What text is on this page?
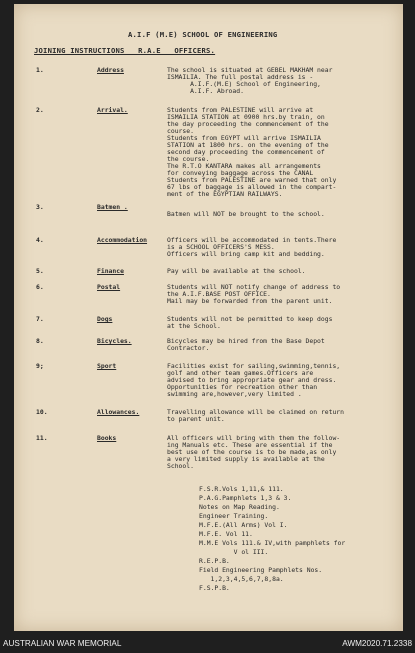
A.I.F (M.E) SCHOOL OF ENGINEERING
JOINING INSTRUCTIONS   R.A.E   OFFICERS.
1.	Address	The school is situated at GEBEL MAKHAM near
ISMAILIA. The full postal address is -
A.I.F.(M.E) School of Engineering,
A.I.F. Abroad.
2.	Arrival.	Students from PALESTINE will arrive at
ISMAILIA STATION at 0900 hrs.by train, on
the day proceeding the commencement of the
course.
Students from EGYPT will arrive ISMAILIA
STATION at 1800 hrs. on the evening of the
second day proceeding the commencement of
the course.
The R.T.O KANTARA makes all arrangements
for conveying baggage across the CANAL
Students from PALESTINE are warned that only
67 lbs of baggage is allowed in the compart-
ment of the EGYPTIAN RAILWAYS.
3.	Batmen .
Batmen will NOT be brought to the school.
4.	Accommodation	Officers will be accommodated in tents.There
is a SCHOOL OFFICERS'S MESS.
Officers will bring camp kit and bedding.
5.	Finance	Pay will be available at the school.
6.	Postal	Students will NOT notify change of address to
the A.I.F.BASE POST OFFICE.
Mail may be forwarded from the parent unit.
7.	Dogs	Students will not be permitted to keep dogs
at the School.
8.	Bicycles.	Bicycles may be hired from the Base Depot
Contractor.
9;	Sport	Facilities exist for sailing,swimming,tennis,
golf and other team games.Officers are
advised to bring appropriate gear and dress.
Opportunities for recreation other than
swimming are,however,very limited .
10.	Allowances.	Travelling allowance will be claimed on return
to parent unit.
11.	Books	All officers will bring with them the follow-
ing Manuals etc. These are essential if the
best use of the course is to be made,as only
a very limited supply is available at the
School.
F.S.R.Vols 1,11,& 111.
P.A.G.Pamphlets 1,3 & 3.
Notes on Map Reading.
Engineer Training.
M.F.E.(All Arms) Vol I.
M.F.E. Vol 11.
M.M.E Vols 111.& IV,with pamphlets for
V ol III.
R.E.P.B.
Field Engineering Pamphlets Nos.
1,2,3,4,5,6,7,8,8a.
F.S.P.B.
AUSTRALIAN WAR MEMORIAL	AWM2020.71.2338
